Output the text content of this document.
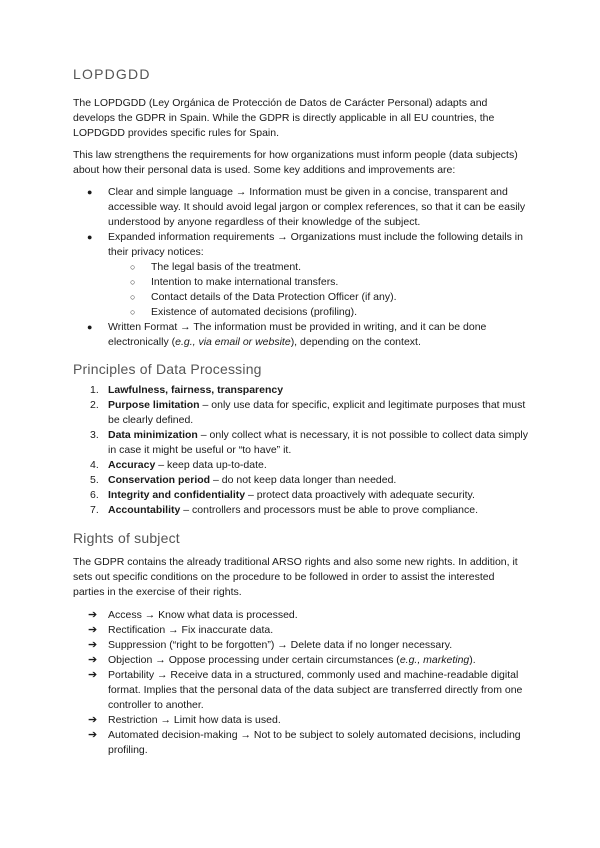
LOPDGDD

The LOPDGDD (Ley Orgánica de Protección de Datos de Carácter Personal) adapts and develops the GDPR in Spain. While the GDPR is directly applicable in all EU countries, the LOPDGDD provides specific rules for Spain.

This law strengthens the requirements for how organizations must inform people (data subjects) about how their personal data is used. Some key additions and improvements are:

● Clear and simple language → Information must be given in a concise, transparent and accessible way. It should avoid legal jargon or complex references, so that it can be easily understood by anyone regardless of their knowledge of the subject.
● Expanded information requirements → Organizations must include the following details in their privacy notices:
○ The legal basis of the treatment.
○ Intention to make international transfers.
○ Contact details of the Data Protection Officer (if any).
○ Existence of automated decisions (profiling).
● Written Format → The information must be provided in writing, and it can be done electronically (e.g., via email or website), depending on the context.
Principles of Data Processing
1. Lawfulness, fairness, transparency
2. Purpose limitation – only use data for specific, explicit and legitimate purposes that must be clearly defined.
3. Data minimization – only collect what is necessary, it is not possible to collect data simply in case it might be useful or “to have” it.
4. Accuracy – keep data up-to-date.
5. Conservation period – do not keep data longer than needed.
6. Integrity and confidentiality – protect data proactively with adequate security.
7. Accountability – controllers and processors must be able to prove compliance.
Rights of subject

The GDPR contains the already traditional ARSO rights and also some new rights. In addition, it sets out specific conditions on the procedure to be followed in order to assist the interested parties in the exercise of their rights.

➔ Access → Know what data is processed.
➔ Rectification → Fix inaccurate data.
➔ Suppression (“right to be forgotten”) → Delete data if no longer necessary.
➔ Objection → Oppose processing under certain circumstances (e.g., marketing).
➔ Portability → Receive data in a structured, commonly used and machine-readable digital format. Implies that the personal data of the data subject are transferred directly from one controller to another.
➔ Restriction → Limit how data is used.
➔ Automated decision-making → Not to be subject to solely automated decisions, including profiling.
